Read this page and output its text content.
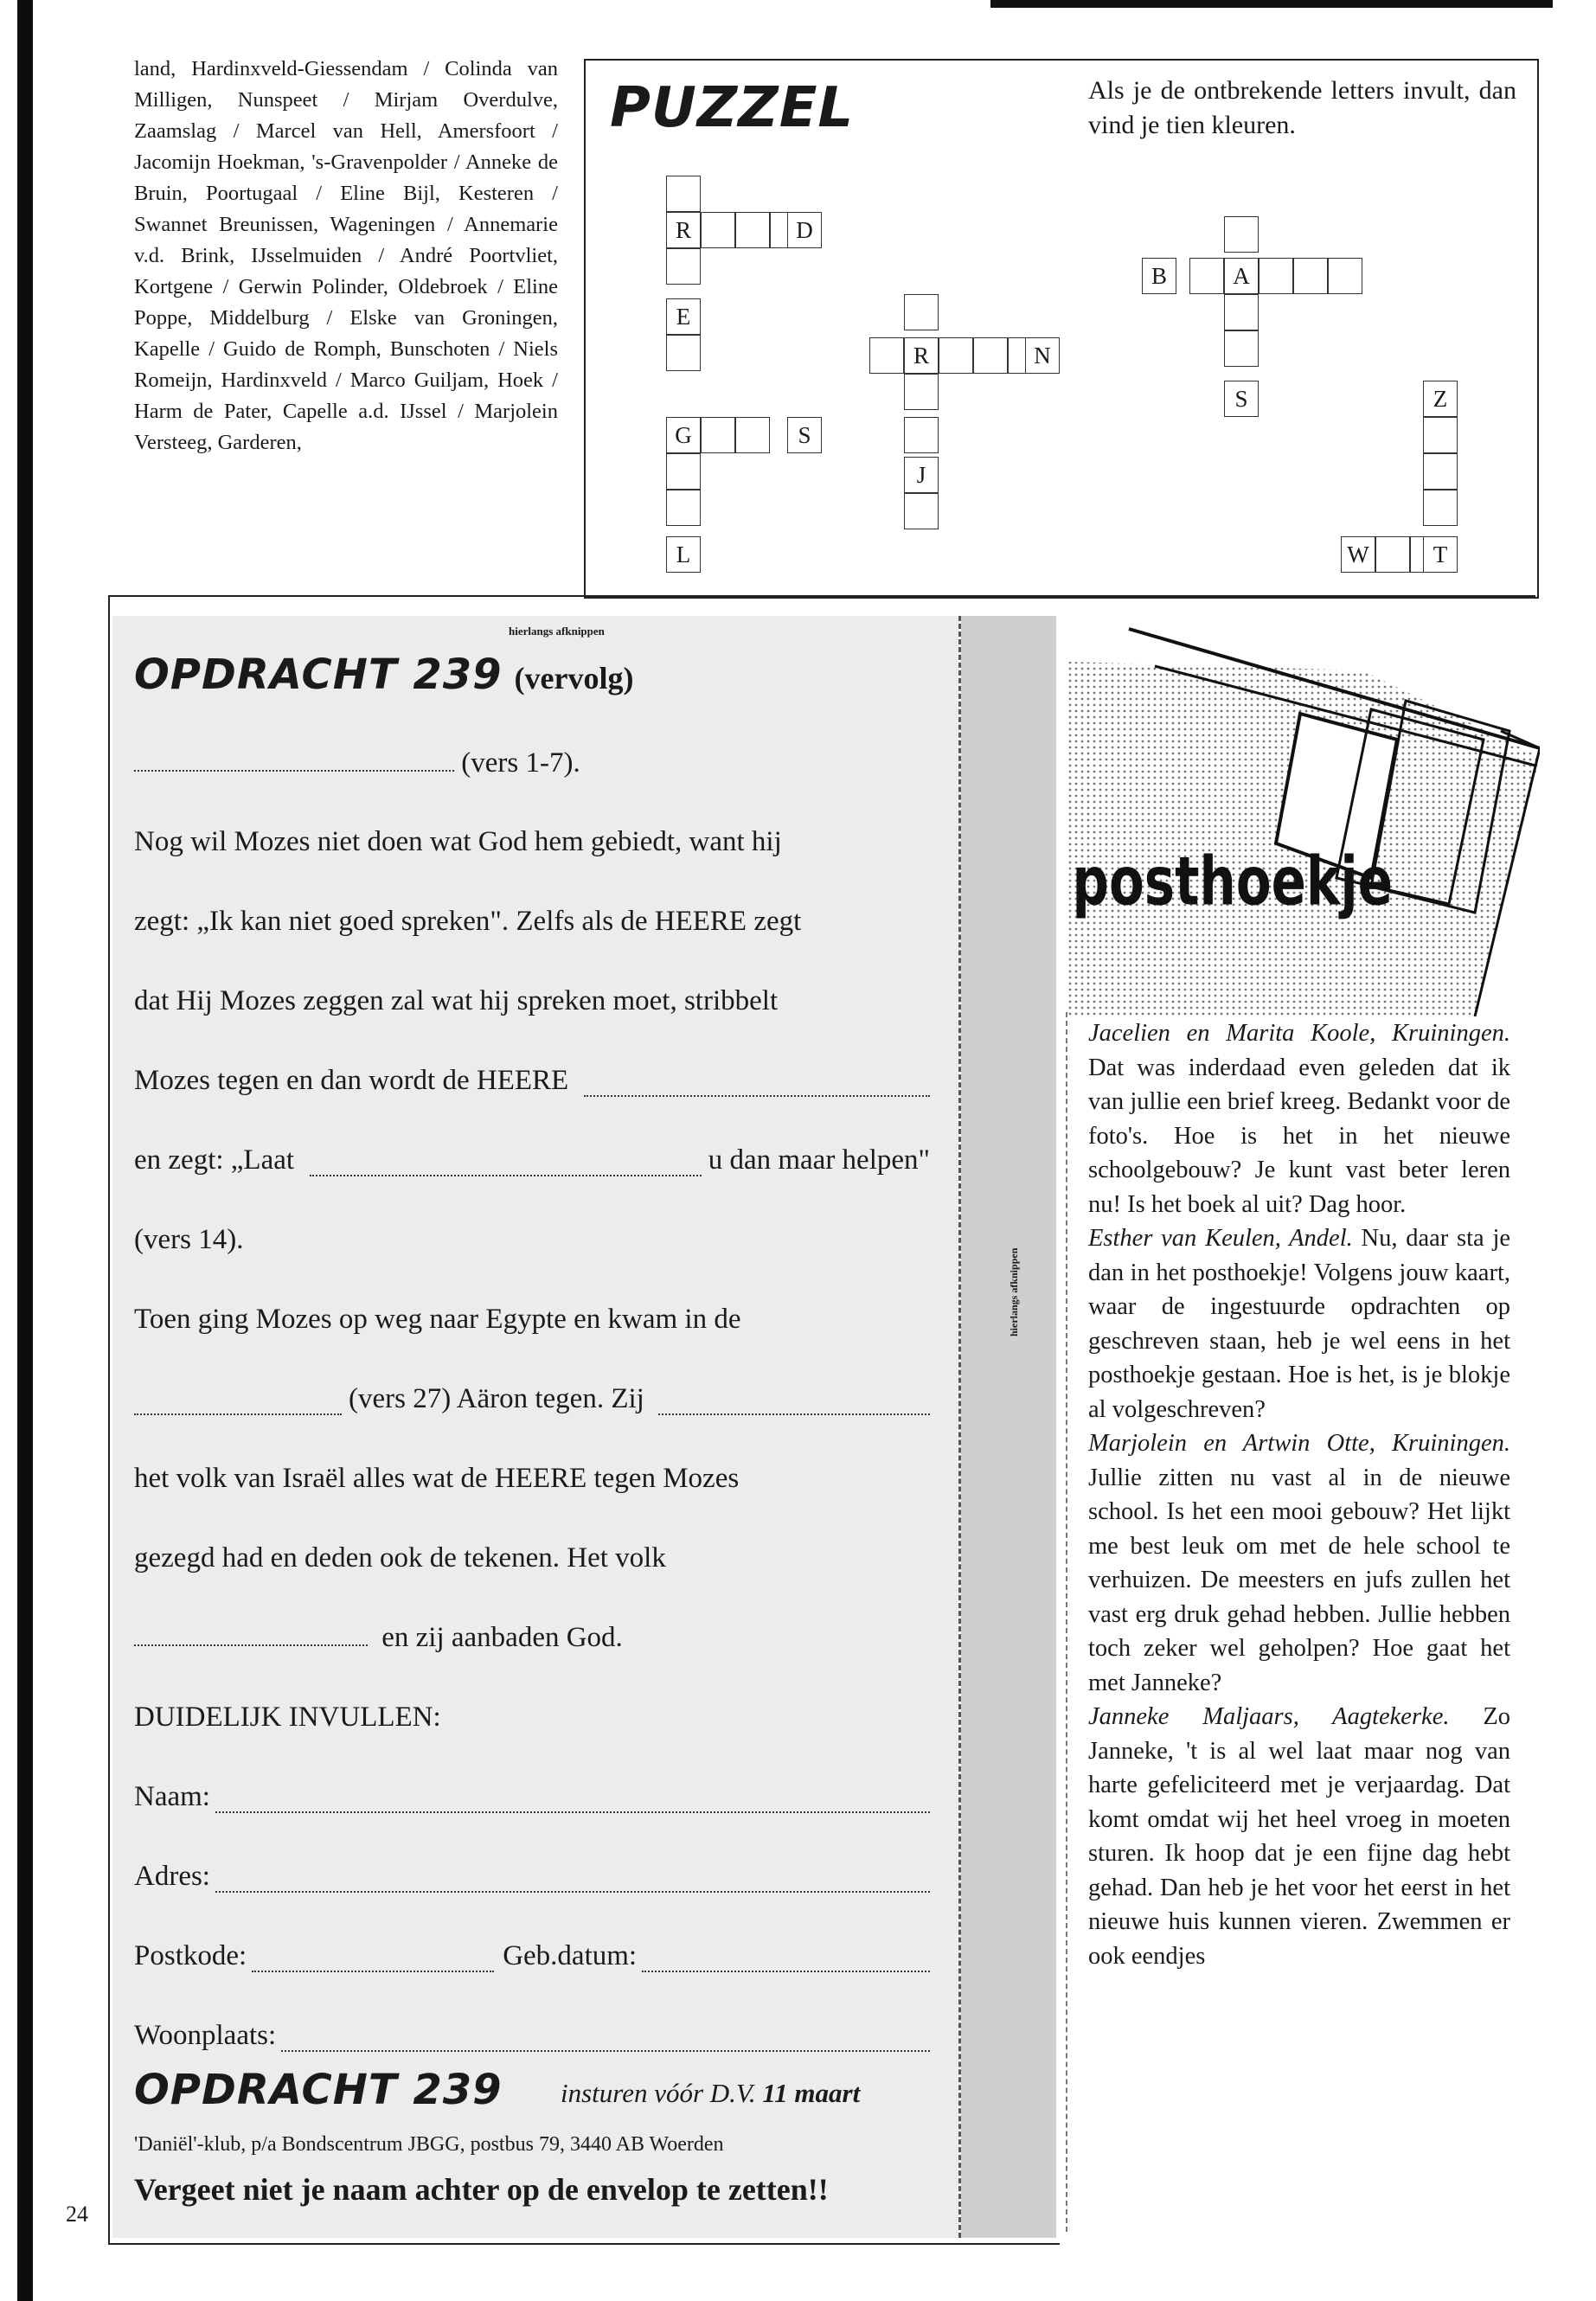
24
land, Hardinxveld-Giessendam / Colinda van Milligen, Nunspeet / Mirjam Overdulve, Zaamslag / Marcel van Hell, Amersfoort / Jacomijn Hoekman, 's-Gravenpolder / Anneke de Bruin, Poortugaal / Eline Bijl, Kesteren / Swannet Breunissen, Wageningen / Annemarie v.d. Brink, IJsselmuiden / André Poortvliet, Kortgene / Gerwin Polinder, Oldebroek / Eline Poppe, Middelburg / Elske van Groningen, Kapelle / Guido de Romph, Bunschoten / Niels Romeijn, Hardinxveld / Marco Guiljam, Hoek / Harm de Pater, Capelle a.d. IJssel / Marjolein Versteeg, Garderen,
PUZZEL	Als je de ontbrekende letters invult, dan vind je tien kleuren.
R	D
E
G	S
L
R	N
J
B	A
S	Z
W	T
hierlangs afknippen
hierlangs afknippen
OPDRACHT 239 (vervolg)
(vers 1-7).
Nog wil Mozes niet doen wat God hem gebiedt, want hij
zegt: „Ik kan niet goed spreken". Zelfs als de HEERE zegt
dat Hij Mozes zeggen zal wat hij spreken moet, stribbelt
Mozes tegen en dan wordt de HEERE
en zegt: „Laat	u dan maar helpen"
(vers 14).
Toen ging Mozes op weg naar Egypte en kwam in de
(vers 27) Aäron tegen. Zij
het volk van Israël alles wat de HEERE tegen Mozes
gezegd had en deden ook de tekenen. Het volk
en zij aanbaden God.
DUIDELIJK INVULLEN:
Naam:
Adres:
Postkode:	Geb.datum:
Woonplaats:
OPDRACHT 239 insturen vóór D.V. 11 maart
'Daniël'-klub, p/a Bondscentrum JBGG, postbus 79, 3440 AB Woerden
Vergeet niet je naam achter op de envelop te zetten!!
posthoekje

Jacelien en Marita Koole, Kruiningen. Dat was inderdaad even geleden dat ik van jullie een brief kreeg. Bedankt voor de foto's. Hoe is het in het nieuwe schoolgebouw? Je kunt vast beter leren nu! Is het boek al uit? Dag hoor.

Esther van Keulen, Andel. Nu, daar sta je dan in het posthoekje! Volgens jouw kaart, waar de ingestuurde opdrachten op geschreven staan, heb je wel eens in het posthoekje gestaan. Hoe is het, is je blokje al volgeschreven?

Marjolein en Artwin Otte, Kruiningen. Jullie zitten nu vast al in de nieuwe school. Is het een mooi gebouw? Het lijkt me best leuk om met de hele school te verhuizen. De meesters en jufs zullen het vast erg druk gehad hebben. Jullie hebben toch zeker wel geholpen? Hoe gaat het met Janneke?

Janneke Maljaars, Aagtekerke. Zo Janneke, 't is al wel laat maar nog van harte gefeliciteerd met je verjaardag. Dat komt omdat wij het heel vroeg in moeten sturen. Ik hoop dat je een fijne dag hebt gehad. Dan heb je het voor het eerst in het nieuwe huis kunnen vieren. Zwemmen er ook eendjes
